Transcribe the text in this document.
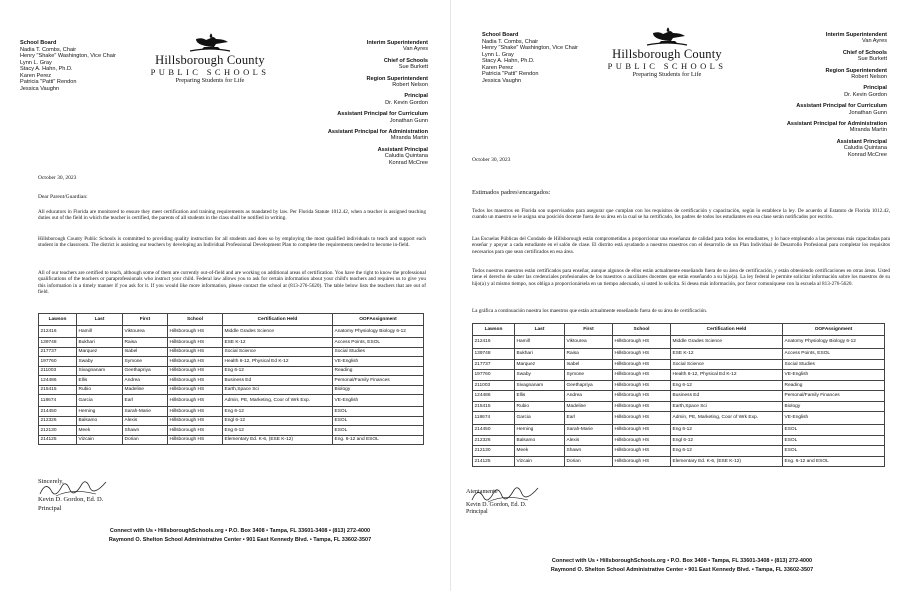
School Board
Nadia T. Combs, Chair
Henry "Shake" Washington, Vice Chair
Lynn L. Gray
Stacy A. Hahn, Ph.D.
Karen Perez
Patricia "Patti" Rendon
Jessica Vaughn
Hillsborough County
PUBLIC SCHOOLS
Preparing Students for Life
Interim Superintendent
Van Ayres
Chief of Schools
Sue Burkett
Region Superintendent
Robert Nelson
Principal
Dr. Kevin Gordon
Assistant Principal for Curriculum
Jonathan Gunn
Assistant Principal for Administration
Miranda Martin
Assistant Principal
Caludia Quintana
Konrad McCree
October 30, 2023
Dear Parent/Guardian:
All educators in Florida are monitored to ensure they meet certification and training requirements as mandated by law. Per Florida Statute 1012.42, when a teacher is assigned teaching duties out of the field in which the teacher is certified, the parents of all students in the class shall be notified in writing.
Hillsborough County Public Schools is committed to providing quality instruction for all students and does so by employing the most qualified individuals to teach and support each student in the classroom. The district is assisting our teachers by developing an Individual Professional Development Plan to complete the requirements needed to become in-field.
All of our teachers are certified to teach, although some of them are currently out-of-field and are working on additional areas of certification. You have the right to know the professional qualifications of the teachers or paraprofessionals who instruct your child. Federal law allows you to ask for certain information about your child's teachers and requires us to give you this information in a timely manner if you ask for it. If you would like more information, please contact the school at (813-276-5620). The table below lists the teachers that are out of field.
Lawson	Last	First	School	Certification Held	OOFAssignment
212416	Hamill	Viktourea	Hillsborough HS	Middle Grades Science	Anatomy Physiology Biology 6-12
139748	Bukhari	Raisa	Hillsborough HS	ESE K-12	Access Points, ESOL
217737	Marquez	Isabel	Hillsborough HS	Social Science	Social Studies
197760	Swaby	Symone	Hillsborough HS	Health 6-12, Physical Ed K-12	VE-English
211003	Sivagnanam	Geethapriya	Hillsborough HS	Eng 6-12	Reading
124486	Ellis	Andrea	Hillsborough HS	Business Ed	Personal/Family Finances
215415	Rubio	Madeline	Hillsborough HS	Earth,Space Sci	Biology
118674	Garcia	Earl	Hillsborough HS	Admin, PE, Marketing, Coor of Wrk Exp.	VE-English
214450	Herning	Sarah-Marie	Hillsborough HS	Eng 6-12	ESOL
212326	Balsamo	Alexis	Hillsborough HS	Engl 6-12	ESOL
212130	Meek	Shawn	Hillsborough HS	Eng 6-12	ESOL
214125	Vizcain	Dorian	Hillsborough HS	Elementary Ed. K-6, (ESE K-12)	Eng. 6-12 and ESOL
Sincerely,
Kevin D. Gordon, Ed. D.
Principal
Connect with Us • HillsboroughSchools.org • P.O. Box 3408 • Tampa, FL 33601-3408 • (813) 272-4000
Raymond O. Shelton School Administrative Center • 901 East Kennedy Blvd. • Tampa, FL 33602-3507
School Board
Nadia T. Combs, Chair
Henry "Shake" Washington, Vice Chair
Lynn L. Gray
Stacy A. Hahn, Ph.D.
Karen Perez
Patricia "Patti" Rendon
Jessica Vaughn
Hillsborough County
PUBLIC SCHOOLS
Preparing Students for Life
Interim Superintendent
Van Ayres
Chief of Schools
Sue Burkett
Region Superintendent
Robert Nelson
Principal
Dr. Kevin Gordon
Assistant Principal for Curriculum
Jonathan Gunn
Assistant Principal for Administration
Miranda Martin
Assistant Principal
Caludia Quintana
Konrad McCree
October 30, 2023
Estimados padres\encargados:
Todos los maestros en Florida son supervisados para asegurar que cumplan con los requisitos de certificación y capacitación, según lo establece la ley. De acuerdo al Estatuto de Florida 1012.42, cuando un maestro se le asigna una posición docente fuera de su área en la cual se ha certificado, los padres de todos los estudiantes en esa clase serán notificados por escrito.
Las Escuelas Públicas del Condado de Hillsborough están comprometidas a proporcionar una enseñanza de calidad para todos los estudiantes, y lo hace empleando a las personas más capacitadas para enseñar y apoyar a cada estudiante en el salón de clase. El distrito está ayudando a nuestros maestros con el desarrollo de un Plan Individual de Desarrollo Profesional para completar los requisitos necesarios para que sean certificados en esa área.
Todos nuestros maestros están certificados para enseñar, aunque algunos de ellos están actualmente enseñando fuera de su área de certificación, y están obteniendo certificaciones en otras áreas. Usted tiene el derecho de saber las credenciales profesionales de los maestros o auxiliares docentes que están enseñando a su hijo(a). La ley federal le permite solicitar información sobre los maestros de su hijo(a) y al mismo tiempo, nos obliga a proporcionársela en un tiempo adecuado, si usted lo solicita. Si desea más información, por favor comuníquese con la escuela al 813-276-5620.
La gráfica a continuación nuestra los maestros que están actualmente enseñando fuera de su área de certificación.
Lawson	Last	First	School	Certification Held	OOFAssignment
212416	Hamill	Viktourea	Hillsborough HS	Middle Grades Science	Anatomy Physiology Biology 6-12
139748	Bukhari	Raisa	Hillsborough HS	ESE K-12	Access Points, ESOL
217737	Marquez	Isabel	Hillsborough HS	Social Science	Social Studies
197760	Swaby	Symone	Hillsborough HS	Health 6-12, Physical Ed K-12	VE-English
211003	Sivagnanam	Geethapriya	Hillsborough HS	Eng 6-12	Reading
124486	Ellis	Andrea	Hillsborough HS	Business Ed	Personal/Family Finances
215415	Rubio	Madeline	Hillsborough HS	Earth,Space Sci	Biology
118674	Garcia	Earl	Hillsborough HS	Admin, PE, Marketing, Coor of Wrk Exp.	VE-English
214450	Herning	Sarah-Marie	Hillsborough HS	Eng 6-12	ESOL
212326	Balsamo	Alexis	Hillsborough HS	Engl 6-12	ESOL
212130	Meek	Shawn	Hillsborough HS	Eng 6-12	ESOL
214125	Vizcain	Dorian	Hillsborough HS	Elementary Ed. K-6, (ESE K-12)	Eng. 6-12 and ESOL
Atentamente
Kevin D. Gordon, Ed. D.
Principal
Connect with Us • HillsboroughSchools.org • P.O. Box 3408 • Tampa, FL 33601-3408 • (813) 272-4000
Raymond O. Shelton School Administrative Center • 901 East Kennedy Blvd. • Tampa, FL 33602-3507
